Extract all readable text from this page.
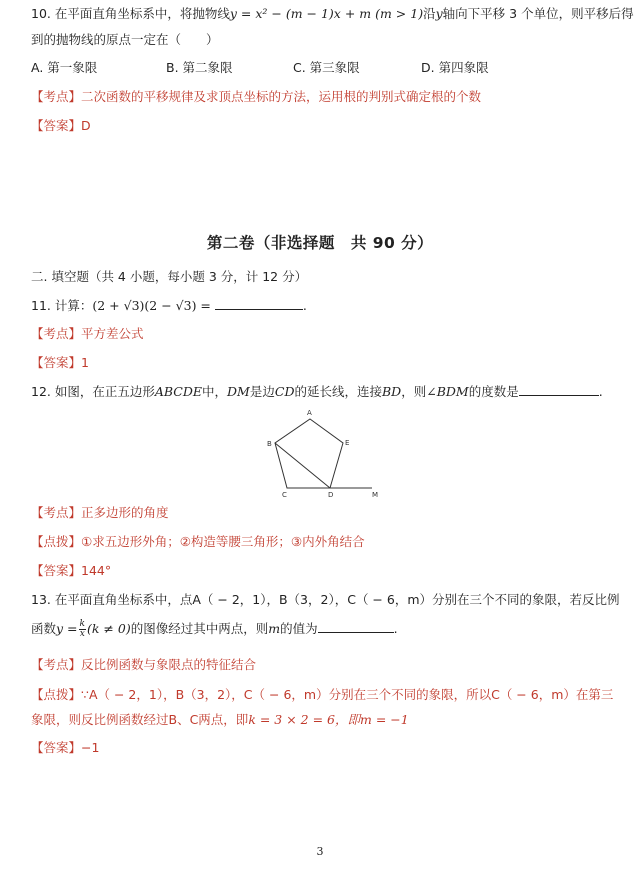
10. 在平面直角坐标系中，将抛物线y = x² − (m − 1)x + m (m > 1)沿y轴向下平移 3 个单位，则平移后得
到的抛物线的原点一定在（　　）
A. 第一象限	B. 第二象限	C. 第三象限	D. 第四象限
【考点】二次函数的平移规律及求顶点坐标的方法，运用根的判别式确定根的个数
【答案】D
第二卷（非选择题　共 90 分）
二. 填空题（共 4 小题，每小题 3 分，计 12 分）
11. 计算：(2 + √3)(2 − √3) =	.
【考点】平方差公式
【答案】1
12. 如图，在正五边形ABCDE中，DM是边CD的延长线，连接BD，则∠BDM的度数是	.
A
B
C	D
E
M
【考点】正多边形的角度
【点拨】①求五边形外角；②构造等腰三角形；③内外角结合
【答案】144°
13. 在平面直角坐标系中，点A（ − 2，1），B（3，2），C（ − 6，m）分别在三个不同的象限，若反比例
函数$y = \frac{k}{x} (k \ne 0)$的图像经过其中两点，则m的值为	.
【考点】反比例函数与象限点的特征结合
【点拨】∵A（ − 2，1），B（3，2），C（ − 6，m）分别在三个不同的象限，所以C（ − 6，m）在第三
象限，则反比例函数经过B、C两点，即k = 3 × 2 = 6，即m = −1
【答案】−1
3
